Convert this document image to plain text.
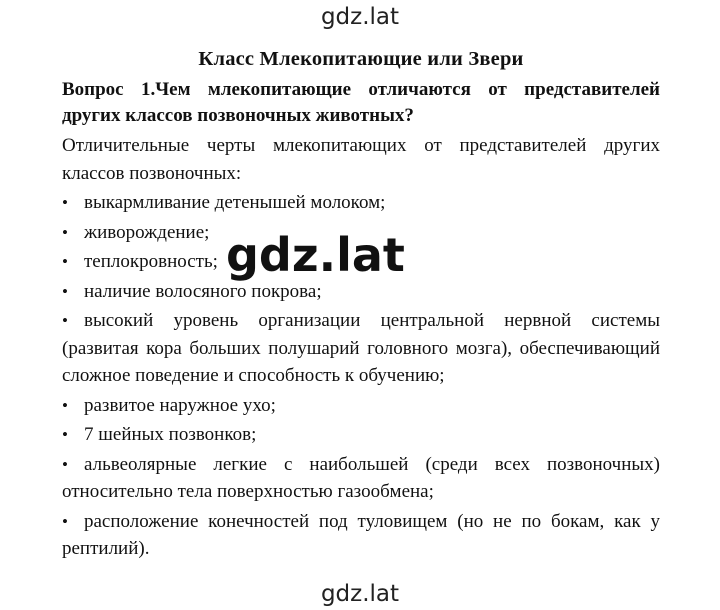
gdz.lat
Класс Млекопитающие или Звери

Вопрос 1.Чем млекопитающие отличаются от представителей других классов позвоночных животных?

Отличительные черты млекопитающих от представителей других классов позвоночных:

• выкармливание детенышей молоком;
• живорождение;
• теплокровность;
• наличие волосяного покрова;
• высокий уровень организации центральной нервной системы (развитая кора больших полушарий головного мозга), обеспечивающий сложное поведение и способность к обучению;
• развитое наружное ухо;
• 7 шейных позвонков;
• альвеолярные легкие с наибольшей (среди всех позвоночных) относительно тела поверхностью газообмена;
• расположение конечностей под туловищем (но не по бокам, как у рептилий).
gdz.lat
gdz.lat
